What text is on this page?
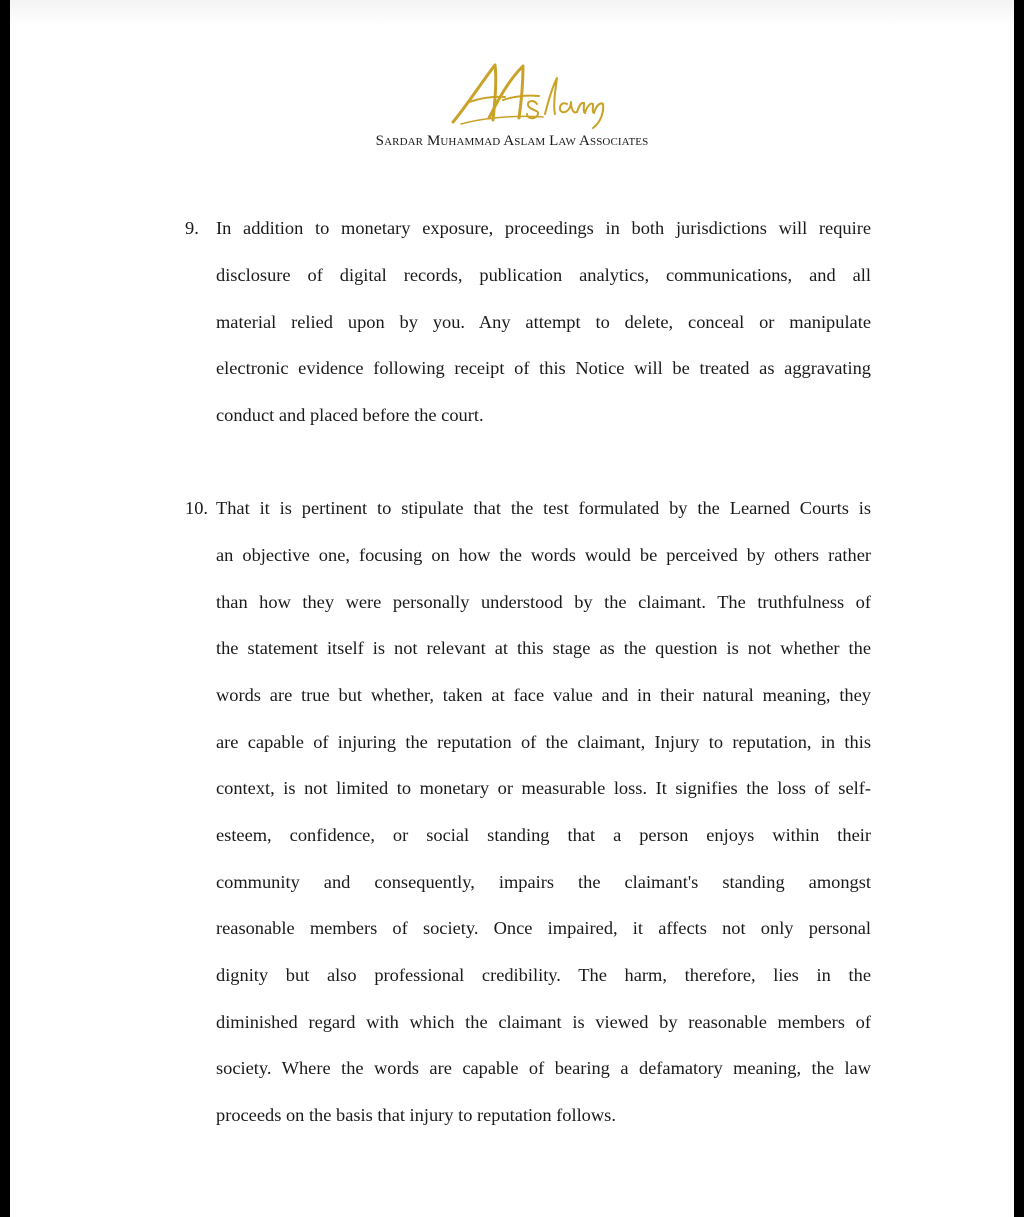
Sardar Muhammad Aslam Law Associates
9. In addition to monetary exposure, proceedings in both jurisdictions will require
disclosure of digital records, publication analytics, communications, and all
material relied upon by you. Any attempt to delete, conceal or manipulate
electronic evidence following receipt of this Notice will be treated as aggravating
conduct and placed before the court.
10. That it is pertinent to stipulate that the test formulated by the Learned Courts is
an objective one, focusing on how the words would be perceived by others rather
than how they were personally understood by the claimant. The truthfulness of
the statement itself is not relevant at this stage as the question is not whether the
words are true but whether, taken at face value and in their natural meaning, they
are capable of injuring the reputation of the claimant, Injury to reputation, in this
context, is not limited to monetary or measurable loss. It signifies the loss of self-
esteem, confidence, or social standing that a person enjoys within their
community and consequently, impairs the claimant's standing amongst
reasonable members of society. Once impaired, it affects not only personal
dignity but also professional credibility. The harm, therefore, lies in the
diminished regard with which the claimant is viewed by reasonable members of
society. Where the words are capable of bearing a defamatory meaning, the law
proceeds on the basis that injury to reputation follows.
